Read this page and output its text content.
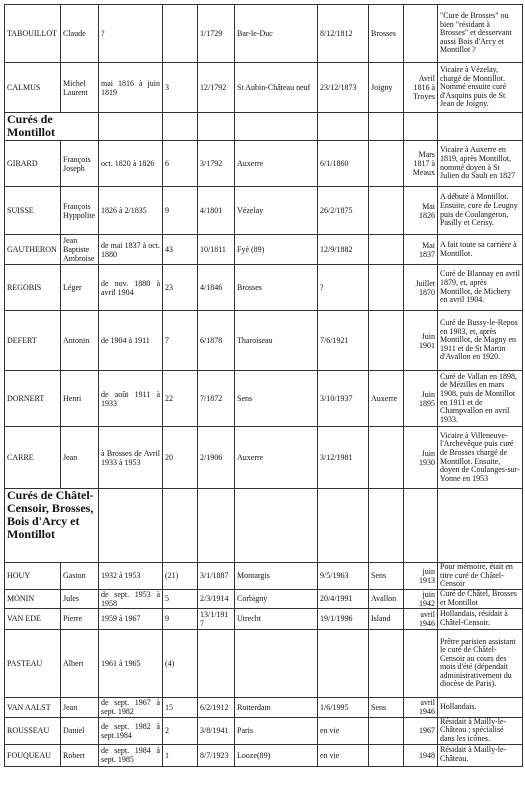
TABOUILLOT	Claude	?		1/1729	Bar-le-Duc	8/12/1812	Brosses		"Cure de Brosses" ou bien "résidant à Brosses" et desservant aussi Bois d'Arcy et Montillot ?
CALMUS	Michel Laurent	mai 1816 à juin 1819	3	12/1792	St Aubin-Château neuf	23/12/1873	Joigny	Avril 1816 à Troyes	Vicaire à Vézelay, chargé de Montillot. Nommé ensuite curé d'Asquins puis de St Jean de Joigny.
Curés de Montillot									
GIRARD	François Joseph	oct. 1820 à 1826	6	3/1792	Auxerre	6/1/1860		Mars 1817 à Meaux	Vicaire à Auxerre en 1819, après Montillot, nommé doyen à St Julien du Sault en 1827
SUISSE	François Hyppolite	1826 à 2/1835	9	4/1801	Vézelay	26/2/1875		Mai 1826	A débuté à Montillot. Ensuite, cure de Leugny puis de Coulangeron, Pasilly et Cerisy.
GAUTHERON	Jean Baptiste Ambroise	de mai 1837 à oct. 1880	43	10/1811	Fyé (89)	12/9/1882		Mai 1837	A fait toute sa carrière à Montillot.
REGOBIS	Léger	de nov. 1880 à avril 1904	23	4/1846	Brosses	?		Juillet 1870	Curé de Blannay en avril 1879, et, après Montillot, de Michery en avril 1904.
DEFERT	Antonin	de 1904 à 1911	7	6/1878	Tharoiseau	7/6/1921		Juin 1901	Curé de Bussy-le-Repos en 1903, et, après Montillot, de Magny en 1911 et de St Martin d'Avallon en 1920.
DORNERT	Henri	de août 1911 à 1933	22	7/1872	Sens	3/10/1937	Auxerre	Juin 1895	Curé de Vallan en 1898, de Mézilles en mars 1908, puis de Montillot en 1911 et de Champvallon en avril 1933.
CARRE	Jean	à Brosses de Avril 1933 à 1953	20	2/1906	Auxerre	3/12/1981		Juin 1930	Vicaire à Villeneuve-l'Archevêque puis curé de Brosses chargé de Montillot. Ensuite, doyen de Coulanges-sur-Yonne en 1953
Curés de Châtel-Censoir, Brosses, Bois d'Arcy et Montillot									
HOUY	Gaston	1932 à 1953	(21)	3/1/1887	Montargis	9/5/1963	Sens	juin 1913	Pour mémoire, était en titre curé de Châtel-Censoir
MONIN	Jules	de sept. 1953 à 1958	5	2/3/1914	Corbigny	20/4/1991	Avallon	juin 1942	Curé de Châtel, Brosses et Montillot
VAN EDE	Pierre	1959 à 1967	9	13/1/1917	Utrecht	19/1/1996	Island	avril 1946	Hollandais, résidait à Châtel-Censoir.
PASTEAU	Albert	1961 à 1965	(4)						Prêtre parisien assistant le curé de Châtel-Censoir au cours des mois d'été (dépendait administrativement du diocèse de Paris).
VAN AALST	Jean	de sept. 1967 à sept. 1982	15	6/2/1912	Rotterdam	1/6/1995	Sens	avril 1946	Hollandais.
ROUSSEAU	Daniel	de sept. 1982 à sept.1984	2	3/8/1941	Paris	en vie		1967	Résidait à Mailly-le-Château ; spécialisé dans les icônes.
FOUQUEAU	Robert	de sept. 1984 à sept. 1985	1	8/7/1923	Looze(89)	en vie		1948	Résidait à Mailly-le-Château.
